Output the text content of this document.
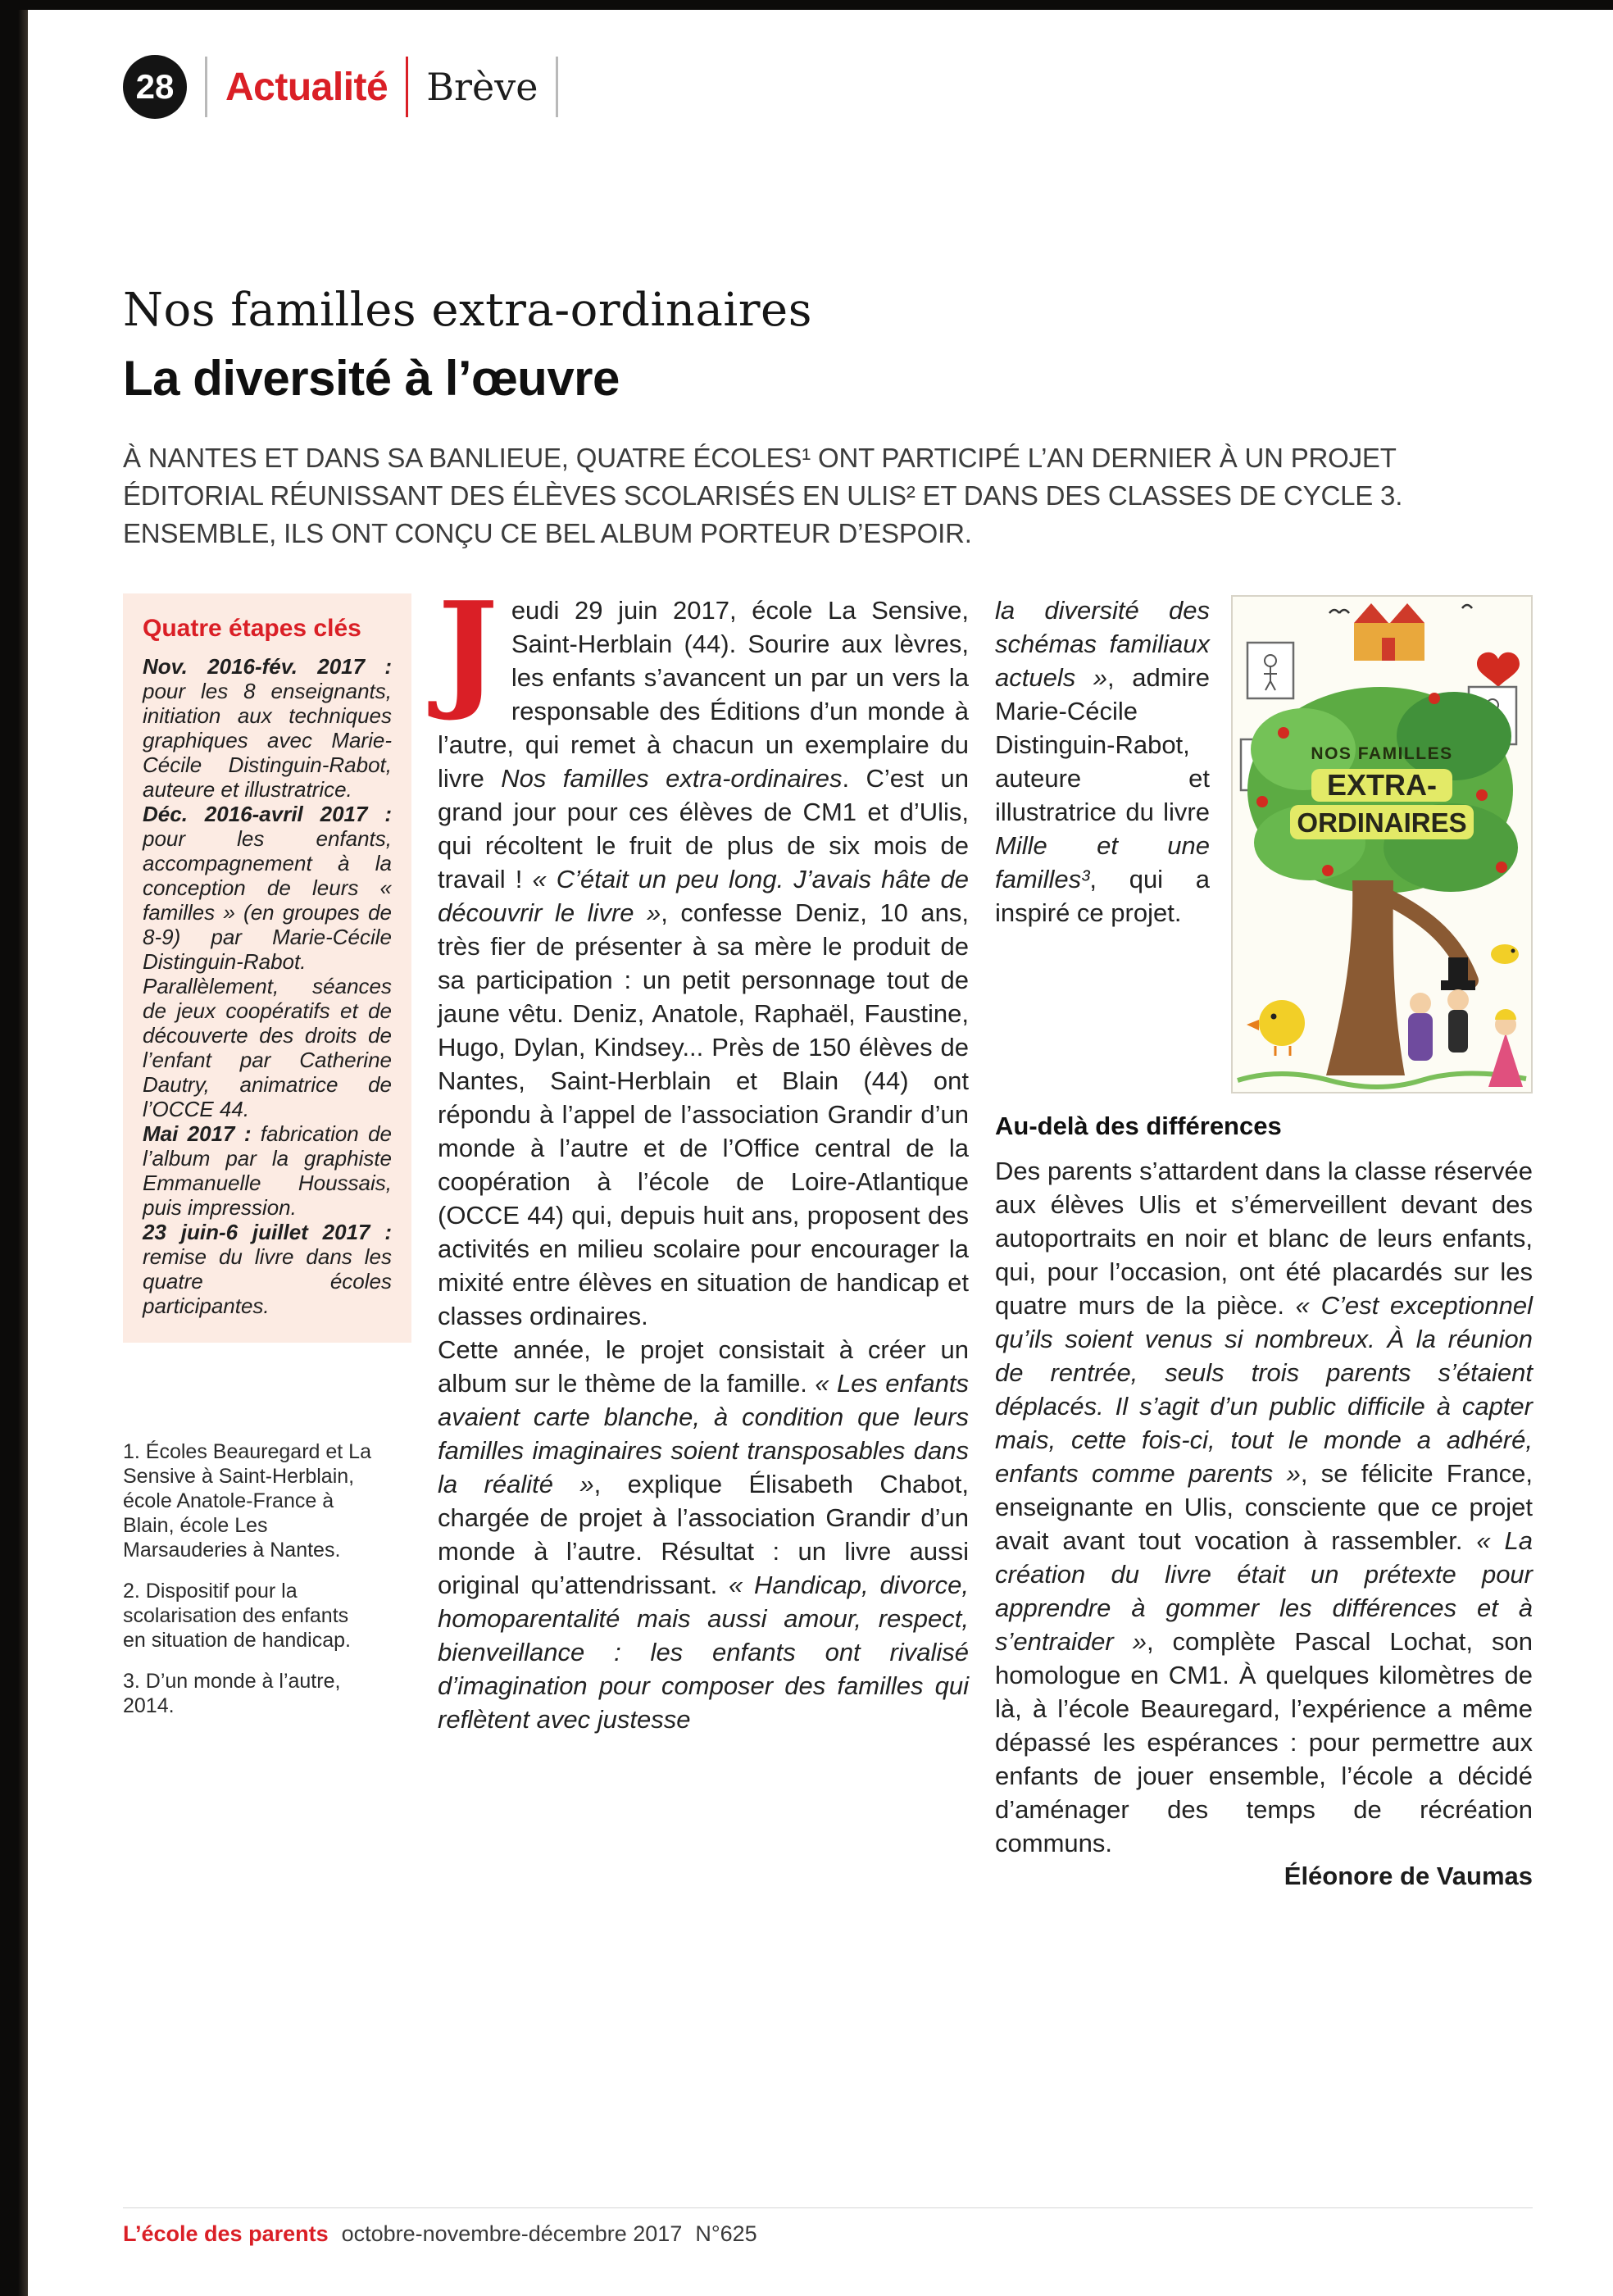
28 Actualité Brève
Nos familles extra-ordinaires
La diversité à l’œuvre

À NANTES ET DANS SA BANLIEUE, QUATRE ÉCOLES¹ ONT PARTICIPÉ L’AN DERNIER À UN PROJET ÉDITORIAL RÉUNISSANT DES ÉLÈVES SCOLARISÉS EN ULIS² ET DANS DES CLASSES DE CYCLE 3. ENSEMBLE, ILS ONT CONÇU CE BEL ALBUM PORTEUR D’ESPOIR.

Quatre étapes clés

Nov. 2016-fév. 2017 : pour les 8 enseignants, initiation aux techniques graphiques avec Marie-Cécile Distinguin-Rabot, auteure et illustratrice.

Déc. 2016-avril 2017 : pour les enfants, accompagnement à la conception de leurs « familles » (en groupes de 8-9) par Marie-Cécile Distinguin-Rabot. Parallèlement, séances de jeux coopératifs et de découverte des droits de l’enfant par Catherine Dautry, animatrice de l’OCCE 44.

Mai 2017 : fabrication de l’album par la graphiste Emmanuelle Houssais, puis impression.

23 juin-6 juillet 2017 : remise du livre dans les quatre écoles participantes.

1. Écoles Beauregard et La Sensive à Saint-Herblain, école Anatole-France à Blain, école Les Marsauderies à Nantes.

2. Dispositif pour la scolarisation des enfants en situation de handicap.

3. D’un monde à l’autre, 2014.

Jeudi 29 juin 2017, école La Sensive, Saint-Herblain (44). Sourire aux lèvres, les enfants s’avancent un par un vers la responsable des Éditions d’un monde à l’autre, qui remet à chacun un exemplaire du livre Nos familles extra-ordinaires. C’est un grand jour pour ces élèves de CM1 et d’Ulis, qui récoltent le fruit de plus de six mois de travail ! « C’était un peu long. J’avais hâte de découvrir le livre », confesse Deniz, 10 ans, très fier de présenter à sa mère le produit de sa participation : un petit personnage tout de jaune vêtu. Deniz, Anatole, Raphaël, Faustine, Hugo, Dylan, Kindsey... Près de 150 élèves de Nantes, Saint-Herblain et Blain (44) ont répondu à l’appel de l’association Grandir d’un monde à l’autre et de l’Office central de la coopération à l’école de Loire-Atlantique (OCCE 44) qui, depuis huit ans, proposent des activités en milieu scolaire pour encourager la mixité entre élèves en situation de handicap et classes ordinaires.

Cette année, le projet consistait à créer un album sur le thème de la famille. « Les enfants avaient carte blanche, à condition que leurs familles imaginaires soient transposables dans la réalité », explique Élisabeth Chabot, chargée de projet à l’association Grandir d’un monde à l’autre. Résultat : un livre aussi original qu’attendrissant. « Handicap, divorce, homoparentalité mais aussi amour, respect, bienveillance : les enfants ont rivalisé d’imagination pour composer des familles qui reflètent avec justesse

NOS FAMILLES
EXTRA-
ORDINAIRES

la diversité des schémas familiaux actuels », admire Marie-Cécile Distinguin-Rabot, auteure et illustratrice du livre Mille et une familles³, qui a inspiré ce projet.

Au-delà des différences

Des parents s’attardent dans la classe réservée aux élèves Ulis et s’émerveillent devant des autoportraits en noir et blanc de leurs enfants, qui, pour l’occasion, ont été placardés sur les quatre murs de la pièce. « C’est exceptionnel qu’ils soient venus si nombreux. À la réunion de rentrée, seuls trois parents s’étaient déplacés. Il s’agit d’un public difficile à capter mais, cette fois-ci, tout le monde a adhéré, enfants comme parents », se félicite France, enseignante en Ulis, consciente que ce projet avait avant tout vocation à rassembler. « La création du livre était un prétexte pour apprendre à gommer les différences et à s’entraider », complète Pascal Lochat, son homologue en CM1. À quelques kilomètres de là, à l’école Beauregard, l’expérience a même dépassé les espérances : pour permettre aux enfants de jouer ensemble, l’école a décidé d’aménager des temps de récréation communs.

Éléonore de Vaumas
L’école des parents octobre-novembre-décembre 2017 N°625
